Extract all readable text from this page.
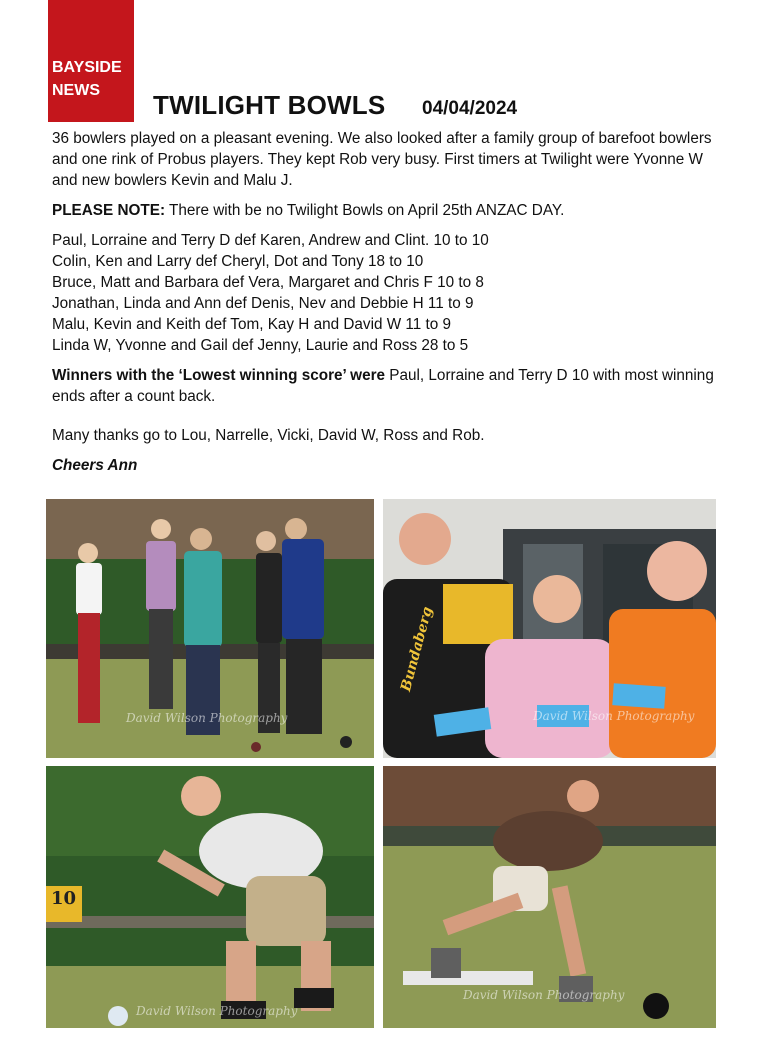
BAYSIDE
NEWS	TWILIGHT BOWLS 04/04/2024

36 bowlers played on a pleasant evening. We also looked after a family group of barefoot bowlers and one rink of Probus players. They kept Rob very busy. First timers at Twilight were Yvonne W and new bowlers Kevin and Malu J.

PLEASE NOTE: There with be no Twilight Bowls on April 25th ANZAC DAY.

Paul, Lorraine and Terry D def Karen, Andrew and Clint. 10 to 10
Colin, Ken and Larry def Cheryl, Dot and Tony 18 to 10
Bruce, Matt and Barbara def Vera, Margaret and Chris F 10 to 8
Jonathan, Linda and Ann def Denis, Nev and Debbie H 11 to 9
Malu, Kevin and Keith def Tom, Kay H and David W 11 to 9
Linda W, Yvonne and Gail def Jenny, Laurie and Ross 28 to 5

Winners with the ‘Lowest winning score’ were Paul, Lorraine and Terry D 10 with most winning ends after a count back.

Many thanks go to Lou, Narrelle, Vicki, David W, Ross and Rob.

Cheers Ann

David Wilson Photography	David Wilson Photography
Bundaberg
10
David Wilson Photography
David Wilson Photography
